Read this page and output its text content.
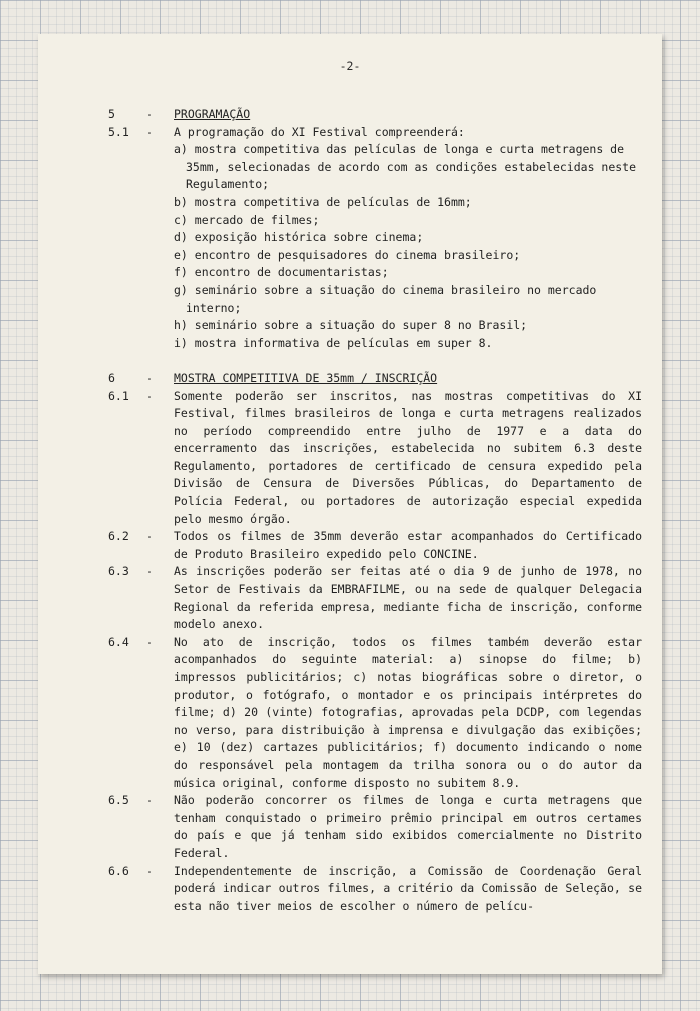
-2-
5	- PROGRAMAÇÃO
5.1 - A programação do XI Festival compreenderá:
a) mostra competitiva das películas de longa e curta metragens de 35mm, selecionadas de acordo com as condições estabelecidas neste Regulamento;
b) mostra competitiva de películas de 16mm;
c) mercado de filmes;
d) exposição histórica sobre cinema;
e) encontro de pesquisadores do cinema brasileiro;
f) encontro de documentaristas;
g) seminário sobre a situação do cinema brasileiro no mercado interno;
h) seminário sobre a situação do super 8 no Brasil;
i) mostra informativa de películas em super 8.
6	- MOSTRA COMPETITIVA DE 35mm / INSCRIÇÃO
6.1 - Somente poderão ser inscritos, nas mostras competitivas do XI Festival, filmes brasileiros de longa e curta metragens realizados no período compreendido entre julho de 1977 e a data do encerramento das inscrições, estabelecida no subitem 6.3 deste Regulamento, portadores de certificado de censura expedido pela Divisão de Censura de Diversões Públicas, do Departamento de Polícia Federal, ou portadores de autorização especial expedida pelo mesmo órgão.
6.2 - Todos os filmes de 35mm deverão estar acompanhados do Certificado de Produto Brasileiro expedido pelo CONCINE.
6.3 - As inscrições poderão ser feitas até o dia 9 de junho de 1978, no Setor de Festivais da EMBRAFILME, ou na sede de qualquer Delegacia Regional da referida empresa, mediante ficha de inscrição, conforme modelo anexo.
6.4 - No ato de inscrição, todos os filmes também deverão estar acompanhados do seguinte material: a) sinopse do filme; b) impressos publicitários; c) notas biográficas sobre o diretor, o produtor, o fotógrafo, o montador e os principais intérpretes do filme; d) 20 (vinte) fotografias, aprovadas pela DCDP, com legendas no verso, para distribuição à imprensa e divulgação das exibições; e) 10 (dez) cartazes publicitários; f) documento indicando o nome do responsável pela montagem da trilha sonora ou o do autor da música original, conforme disposto no subitem 8.9.
6.5 - Não poderão concorrer os filmes de longa e curta metragens que tenham conquistado o primeiro prêmio principal em outros certames do país e que já tenham sido exibidos comercialmente no Distrito Federal.
6.6 - Independentemente de inscrição, a Comissão de Coordenação Geral poderá indicar outros filmes, a critério da Comissão de Seleção, se esta não tiver meios de escolher o número de pelícu-
